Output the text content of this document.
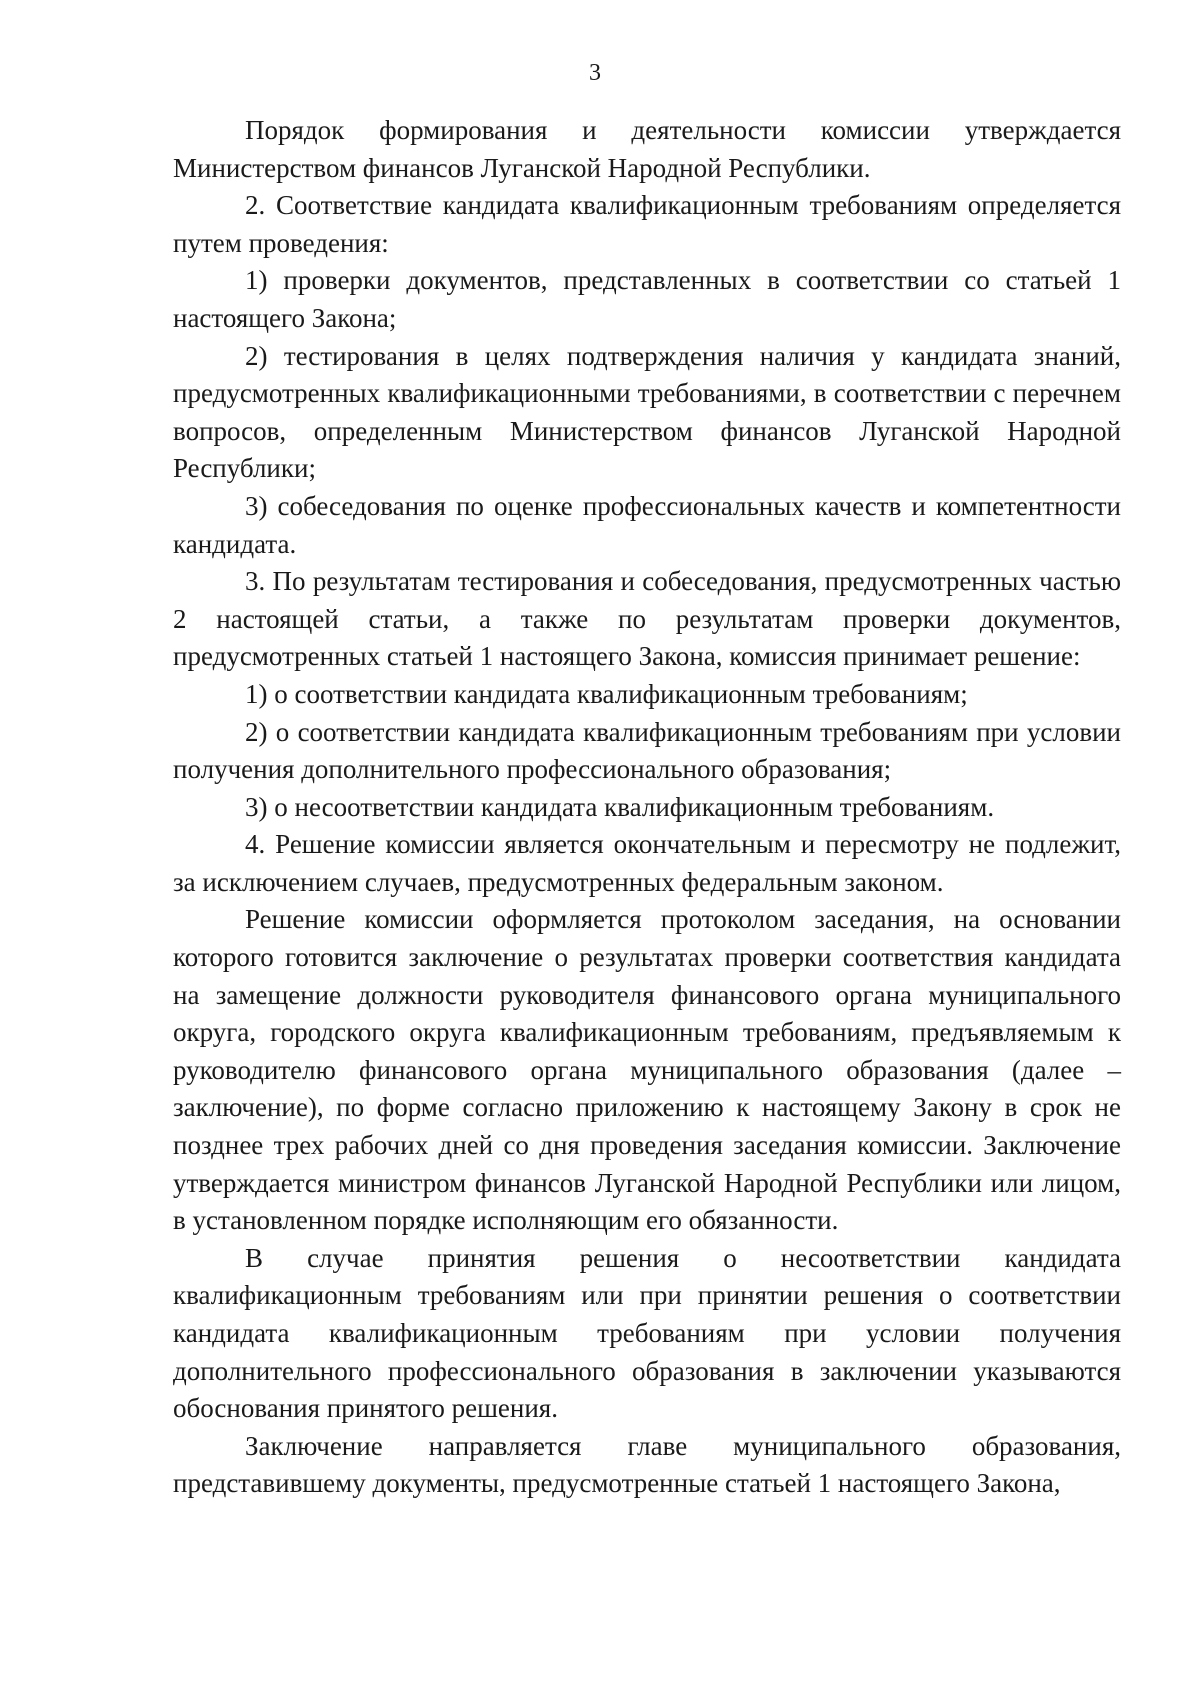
3

Порядок формирования и деятельности комиссии утверждается Министерством финансов Луганской Народной Республики.

2. Соответствие кандидата квалификационным требованиям определяется путем проведения:

1) проверки документов, представленных в соответствии со статьей 1 настоящего Закона;

2) тестирования в целях подтверждения наличия у кандидата знаний, предусмотренных квалификационными требованиями, в соответствии с перечнем вопросов, определенным Министерством финансов Луганской Народной Республики;

3) собеседования по оценке профессиональных качеств и компетентности кандидата.

3. По результатам тестирования и собеседования, предусмотренных частью 2 настоящей статьи, а также по результатам проверки документов, предусмотренных статьей 1 настоящего Закона, комиссия принимает решение:

1) о соответствии кандидата квалификационным требованиям;

2) о соответствии кандидата квалификационным требованиям при условии получения дополнительного профессионального образования;

3) о несоответствии кандидата квалификационным требованиям.

4. Решение комиссии является окончательным и пересмотру не подлежит, за исключением случаев, предусмотренных федеральным законом.

Решение комиссии оформляется протоколом заседания, на основании которого готовится заключение о результатах проверки соответствия кандидата на замещение должности руководителя финансового органа муниципального округа, городского округа квалификационным требованиям, предъявляемым к руководителю финансового органа муниципального образования (далее – заключение), по форме согласно приложению к настоящему Закону в срок не позднее трех рабочих дней со дня проведения заседания комиссии. Заключение утверждается министром финансов Луганской Народной Республики или лицом, в установленном порядке исполняющим его обязанности.

В случае принятия решения о несоответствии кандидата квалификационным требованиям или при принятии решения о соответствии кандидата квалификационным требованиям при условии получения дополнительного профессионального образования в заключении указываются обоснования принятого решения.

Заключение направляется главе муниципального образования, представившему документы, предусмотренные статьей 1 настоящего Закона,
